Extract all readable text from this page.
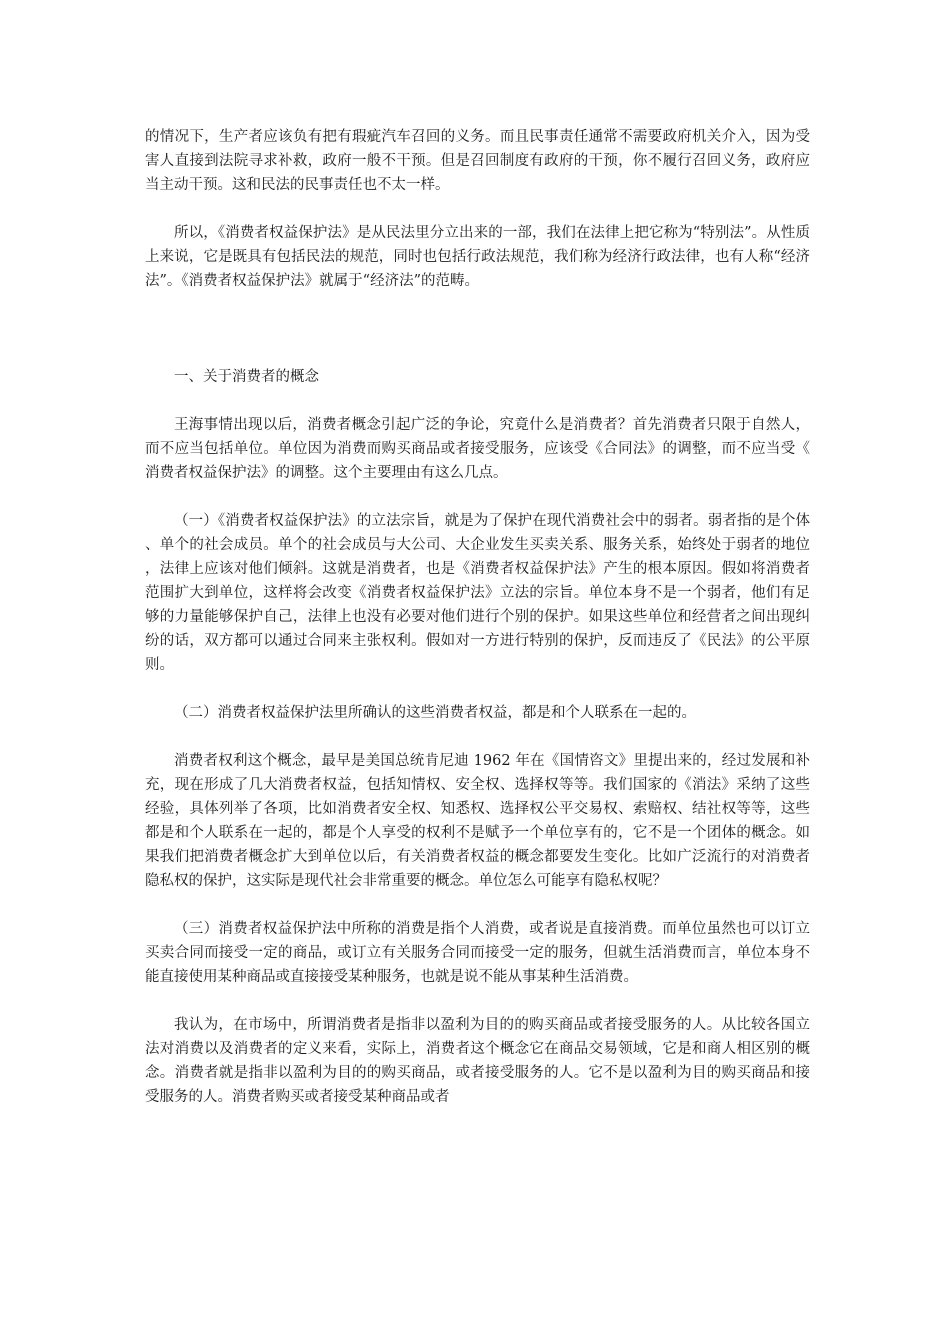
的情况下，生产者应该负有把有瑕疵汽车召回的义务。而且民事责任通常不需要政府机关介入，因为受害人直接到法院寻求补救，政府一般不干预。但是召回制度有政府的干预，你不履行召回义务，政府应当主动干预。这和民法的民事责任也不太一样。

所以，《消费者权益保护法》是从民法里分立出来的一部，我们在法律上把它称为“特别法”。从性质上来说，它是既具有包括民法的规范，同时也包括行政法规范，我们称为经济行政法律，也有人称“经济法”。《消费者权益保护法》就属于“经济法”的范畴。

一、关于消费者的概念

王海事情出现以后，消费者概念引起广泛的争论，究竟什么是消费者？首先消费者只限于自然人，而不应当包括单位。单位因为消费而购买商品或者接受服务，应该受《合同法》的调整，而不应当受《消费者权益保护法》的调整。这个主要理由有这么几点。

（一）《消费者权益保护法》的立法宗旨，就是为了保护在现代消费社会中的弱者。弱者指的是个体、单个的社会成员。单个的社会成员与大公司、大企业发生买卖关系、服务关系，始终处于弱者的地位，法律上应该对他们倾斜。这就是消费者，也是《消费者权益保护法》产生的根本原因。假如将消费者范围扩大到单位，这样将会改变《消费者权益保护法》立法的宗旨。单位本身不是一个弱者，他们有足够的力量能够保护自己，法律上也没有必要对他们进行个别的保护。如果这些单位和经营者之间出现纠纷的话，双方都可以通过合同来主张权利。假如对一方进行特别的保护，反而违反了《民法》的公平原则。

（二）消费者权益保护法里所确认的这些消费者权益，都是和个人联系在一起的。

消费者权利这个概念，最早是美国总统肯尼迪 1962 年在《国情咨文》里提出来的，经过发展和补充，现在形成了几大消费者权益，包括知情权、安全权、选择权等等。我们国家的《消法》采纳了这些经验，具体列举了各项，比如消费者安全权、知悉权、选择权公平交易权、索赔权、结社权等等，这些都是和个人联系在一起的，都是个人享受的权利不是赋予一个单位享有的，它不是一个团体的概念。如果我们把消费者概念扩大到单位以后，有关消费者权益的概念都要发生变化。比如广泛流行的对消费者隐私权的保护，这实际是现代社会非常重要的概念。单位怎么可能享有隐私权呢？

（三）消费者权益保护法中所称的消费是指个人消费，或者说是直接消费。而单位虽然也可以订立买卖合同而接受一定的商品，或订立有关服务合同而接受一定的服务，但就生活消费而言，单位本身不能直接使用某种商品或直接接受某种服务，也就是说不能从事某种生活消费。

我认为，在市场中，所谓消费者是指非以盈利为目的的购买商品或者接受服务的人。从比较各国立法对消费以及消费者的定义来看，实际上，消费者这个概念它在商品交易领域，它是和商人相区别的概念。消费者就是指非以盈利为目的的购买商品，或者接受服务的人。它不是以盈利为目的购买商品和接受服务的人。消费者购买或者接受某种商品或者
